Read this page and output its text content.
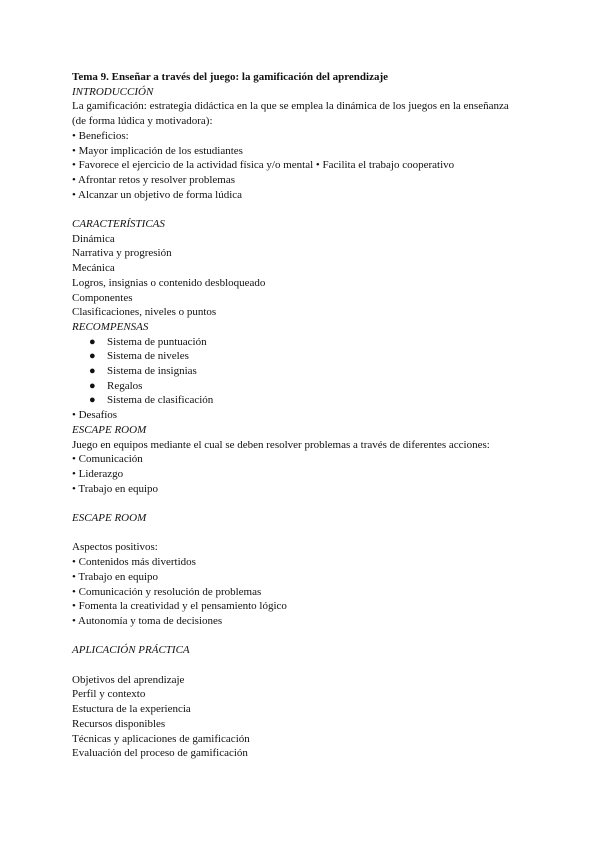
Tema 9. Enseñar a través del juego: la gamificación del aprendizaje
INTRODUCCIÓN
La gamificación: estrategia didáctica en la que se emplea la dinámica de los juegos en la enseñanza
(de forma lúdica y motivadora):
• Beneficios:
• Mayor implicación de los estudiantes
• Favorece el ejercicio de la actividad física y/o mental • Facilita el trabajo cooperativo
• Afrontar retos y resolver problemas
• Alcanzar un objetivo de forma lúdica
CARACTERÍSTICAS
Dinámica
Narrativa y progresión
Mecánica
Logros, insignias o contenido desbloqueado
Componentes
Clasificaciones, niveles o puntos
RECOMPENSAS
●	Sistema de puntuación
●	Sistema de niveles
●	Sistema de insignias
●	Regalos
●	Sistema de clasificación
• Desafíos
ESCAPE ROOM
Juego en equipos mediante el cual se deben resolver problemas a través de diferentes acciones:
• Comunicación
• Liderazgo
• Trabajo en equipo
ESCAPE ROOM
Aspectos positivos:
• Contenidos más divertidos
• Trabajo en equipo
• Comunicación y resolución de problemas
• Fomenta la creatividad y el pensamiento lógico
• Autonomía y toma de decisiones
APLICACIÓN PRÁCTICA
Objetivos del aprendizaje
Perfil y contexto
Estuctura de la experiencia
Recursos disponibles
Técnicas y aplicaciones de gamificación
Evaluación del proceso de gamificación
